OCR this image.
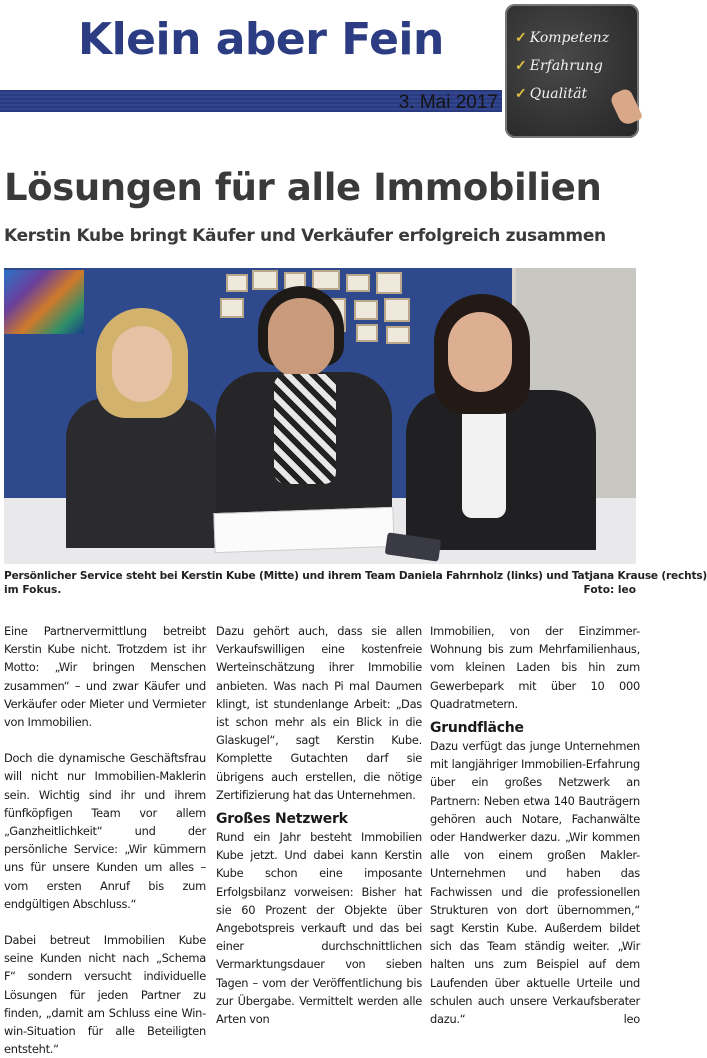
Klein aber Fein
3. Mai 2017
✓ Kompetenz
✓ Erfahrung
✓ Qualität
Lösungen für alle Immobilien
Kerstin Kube bringt Käufer und Verkäufer erfolgreich zusammen
Persönlicher Service steht bei Kerstin Kube (Mitte) und ihrem Team Daniela Fahrnholz (links) und Tatjana Krause (rechts)
im Fokus.	Foto: leo

Eine Partnervermittlung betreibt Kerstin Kube nicht. Trotzdem ist ihr Motto: „Wir bringen Menschen zusammen“ – und zwar Käufer und Verkäufer oder Mieter und Vermieter von Immobilien.

Doch die dynamische Geschäftsfrau will nicht nur Immobilien-Maklerin sein. Wichtig sind ihr und ihrem fünfköpfigen Team vor allem „Ganzheitlichkeit“ und der persönliche Service: „Wir kümmern uns für unsere Kunden um alles – vom ersten Anruf bis zum endgültigen Abschluss.“

Dabei betreut Immobilien Kube seine Kunden nicht nach „Schema F“ sondern versucht individuelle Lösungen für jeden Partner zu finden, „damit am Schluss eine Win-win-Situation für alle Beteiligten entsteht.“

Dazu gehört auch, dass sie allen Verkaufswilligen eine kostenfreie Werteinschätzung ihrer Immobilie anbieten. Was nach Pi mal Daumen klingt, ist stundenlange Arbeit: „Das ist schon mehr als ein Blick in die Glaskugel“, sagt Kerstin Kube. Komplette Gutachten darf sie übrigens auch erstellen, die nötige Zertifizierung hat das Unternehmen.

Großes Netzwerk

Rund ein Jahr besteht Immobilien Kube jetzt. Und dabei kann Kerstin Kube schon eine imposante Erfolgsbilanz vorweisen: Bisher hat sie 60 Prozent der Objekte über Angebotspreis verkauft und das bei einer durchschnittlichen Vermarktungsdauer von sieben Tagen – vom der Veröffentlichung bis zur Übergabe. Vermittelt werden alle Arten von

Immobilien, von der Einzimmer-Wohnung bis zum Mehrfamilienhaus, vom kleinen Laden bis hin zum Gewerbepark mit über 10 000 Quadratmetern.

Grundfläche

Dazu verfügt das junge Unternehmen mit langjähriger Immobilien-Erfahrung über ein großes Netzwerk an Partnern: Neben etwa 140 Bauträgern gehören auch Notare, Fachanwälte oder Handwerker dazu. „Wir kommen alle von einem großen Makler-Unternehmen und haben das Fachwissen und die professionellen Strukturen von dort übernommen,“ sagt Kerstin Kube. Außerdem bildet sich das Team ständig weiter. „Wir halten uns zum Beispiel auf dem Laufenden über aktuelle Urteile und schulen auch unsere Verkaufsberater dazu.“	leo
